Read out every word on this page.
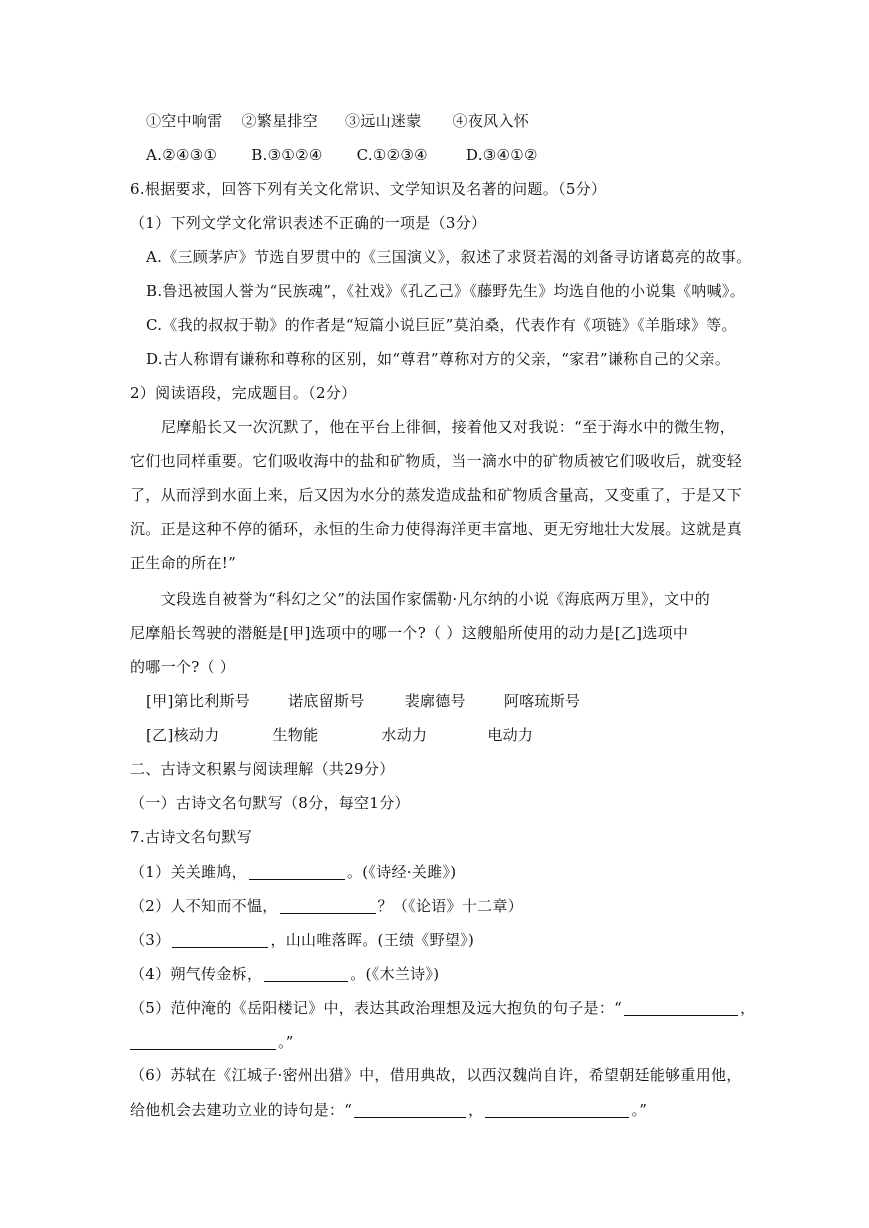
①空中响雷 ②繁星排空 ③远山迷蒙 ④夜风入怀
A.②④③① B.③①②④ C.①②③④	D.③④①②
6.根据要求，回答下列有关文化常识、文学知识及名著的问题。（5分）
（1）下列文学文化常识表述不正确的一项是（3分）
A.《三顾茅庐》节选自罗贯中的《三国演义》，叙述了求贤若渴的刘备寻访诸葛亮的故事。
B.鲁迅被国人誉为“民族魂”，《社戏》《孔乙己》《藤野先生》均选自他的小说集《呐喊》。
C.《我的叔叔于勒》的作者是“短篇小说巨匠”莫泊桑，代表作有《项链》《羊脂球》等。
D.古人称谓有谦称和尊称的区别，如“尊君”尊称对方的父亲，“家君”谦称自己的父亲。
2）阅读语段，完成题目。（2分）
尼摩船长又一次沉默了，他在平台上徘徊，接着他又对我说：“至于海水中的微生物，
它们也同样重要。它们吸收海中的盐和矿物质，当一滴水中的矿物质被它们吸收后，就变轻
了，从而浮到水面上来，后又因为水分的蒸发造成盐和矿物质含量高，又变重了，于是又下
沉。正是这种不停的循环，永恒的生命力使得海洋更丰富地、更无穷地壮大发展。这就是真
正生命的所在!”
文段选自被誉为“科幻之父”的法国作家儒勒·凡尔纳的小说《海底两万里》，文中的
尼摩船长驾驶的潜艇是[甲]选项中的哪一个?（ ）这艘船所使用的动力是[乙]选项中
的哪一个?（ ）
[甲]第比利斯号	诺底留斯号	裴廓德号	阿喀琉斯号
[乙]核动力	生物能	水动力	电动力
二、古诗文积累与阅读理解（共29分）
（一）古诗文名句默写（8分，每空1分）
7.古诗文名句默写
（1）关关雎鸠，	。(《诗经·关雎》)
（2）人不知而不愠，	？（《论语》十二章）
（3）	，山山唯落晖。(王绩《野望》)
（4）朔气传金柝，	。(《木兰诗》)
（5）范仲淹的《岳阳楼记》中，表达其政治理想及远大抱负的句子是：“	，
。”
（6）苏轼在《江城子·密州出猎》中，借用典故，以西汉魏尚自许，希望朝廷能够重用他，
给他机会去建功立业的诗句是：“	，	。”
